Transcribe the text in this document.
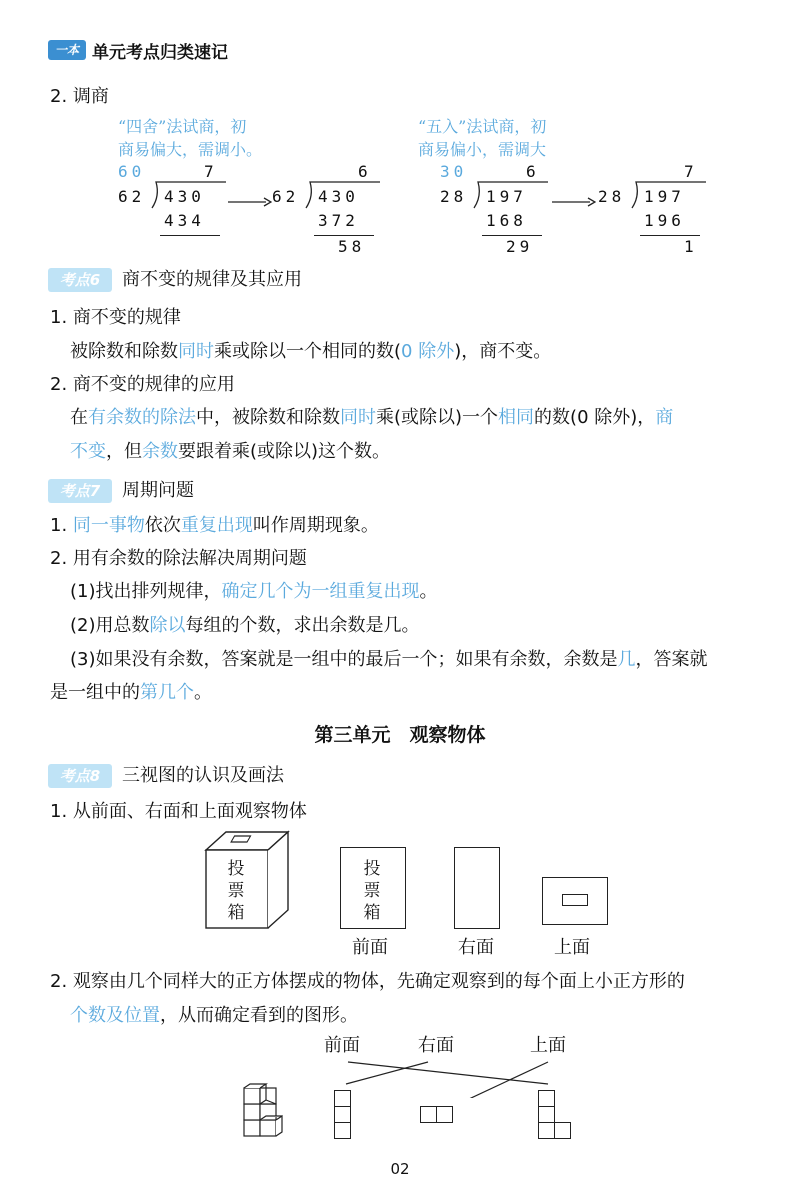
一本 单元考点归类速记
2. 调商
“四舍”法试商，初
商易偏大，需调小。
“五入”法试商，初
商易偏小，需调大
60	7
62 430
434
6
62 430
372
58
30	6
28 197
168
29
7
28 197
196
1
考点6	商不变的规律及其应用
1. 商不变的规律
被除数和除数同时乘或除以一个相同的数(0 除外)，商不变。
2. 商不变的规律的应用
在有余数的除法中，被除数和除数同时乘(或除以)一个相同的数(0 除外)，商
不变，但余数要跟着乘(或除以)这个数。
考点7	周期问题
1. 同一事物依次重复出现叫作周期现象。
2. 用有余数的除法解决周期问题
(1)找出排列规律，确定几个为一组重复出现。
(2)用总数除以每组的个数，求出余数是几。
(3)如果没有余数，答案就是一组中的最后一个；如果有余数，余数是几，答案就
是一组中的第几个。
第三单元　观察物体
考点8	三视图的认识及画法
1. 从前面、右面和上面观察物体
投
票
箱
投
票
箱
前面	右面	上面
2. 观察由几个同样大的正方体摆成的物体，先确定观察到的每个面上小正方形的
个数及位置，从而确定看到的图形。
前面	右面	上面
02
